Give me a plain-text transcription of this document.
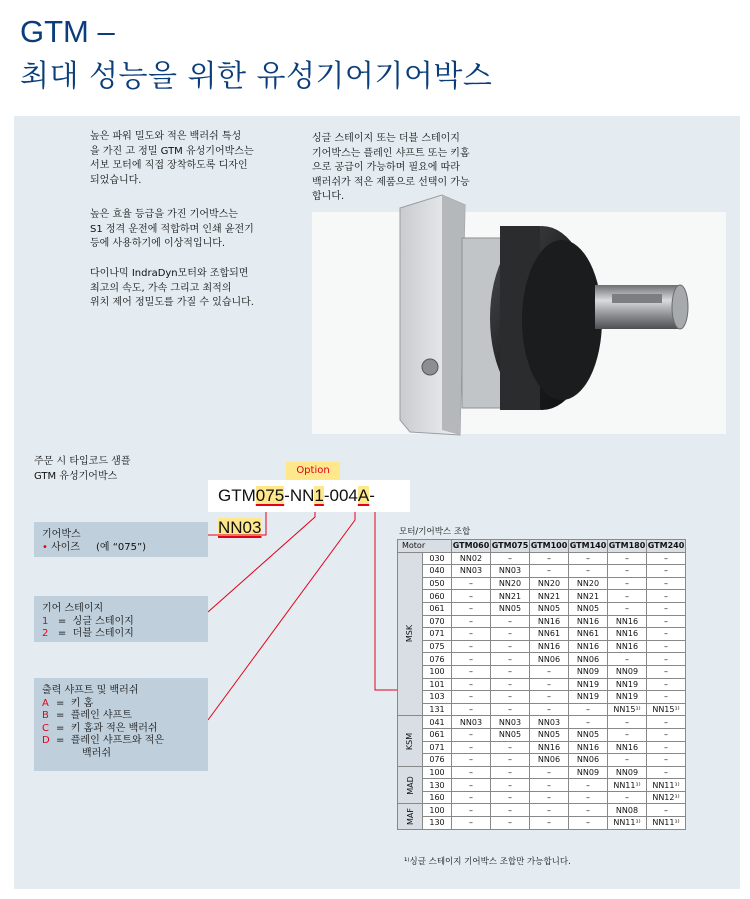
GTM –
최대 성능을 위한 유성기어기어박스
높은 파워 밀도와 적은 백러쉬 특성
을 가진 고 정밀 GTM 유성기어박스는
서보 모터에 직접 장착하도록 디자인
되었습니다.
높은 효율 등급을 가진 기어박스는
S1 정격 운전에 적합하며 인쇄 윤전기
등에 사용하기에 이상적입니다.
다이나믹 IndraDyn모터와 조합되면
최고의 속도, 가속 그리고 최적의
위치 제어 정밀도를 가질 수 있습니다.
싱글 스테이지 또는 더블 스테이지
기어박스는 플레인 샤프트 또는 키홈
으로 공급이 가능하며 필요에 따라
백러쉬가 적은 제품으로 선택이 가능
합니다.
주문 시 타입코드 샘플
GTM 유성기어박스	Option
GTM075-NN1-004A-NN03
기어박스
• 사이즈 (예 “075”)
기어 스테이지
1 = 싱글 스테이지
2 = 더블 스테이지
출력 샤프트 및 백러쉬
A = 키 홈
B = 플레인 샤프트
C = 키 홈과 적은 백러쉬
D = 플레인 샤프트와 적은
백러쉬
모터/기어박스 조합
Motor		GTM060	GTM075	GTM100	GTM140	GTM180	GTM240
MSK	030	NN02	–	–	–	–	–
	040	NN03	NN03	–	–	–	–
	050	–	NN20	NN20	NN20	–	–
	060	–	NN21	NN21	NN21	–	–
	061	–	NN05	NN05	NN05	–	–
	070	–	–	NN16	NN16	NN16	–
	071	–	–	NN61	NN61	NN16	–
	075	–	–	NN16	NN16	NN16	–
	076	–	–	NN06	NN06	–	–
	100	–	–	–	NN09	NN09	–
	101	–	–	–	NN19	NN19	–
	103	–	–	–	NN19	NN19	–
	131	–	–	–	–	NN15¹⁾	NN15¹⁾
KSM	041	NN03	NN03	NN03	–	–	–
	061	–	NN05	NN05	NN05	–	–
	071	–	–	NN16	NN16	NN16	–
	076	–	–	NN06	NN06	–	–
MAD	100	–	–	–	NN09	NN09	–
	130	–	–	–	–	NN11¹⁾	NN11¹⁾
	160	–	–	–	–	–	NN12¹⁾
MAF	100	–	–	–	–	NN08	–
	130	–	–	–	–	NN11¹⁾	NN11¹⁾
¹⁾싱글 스테이지 기어박스 조합만 가능합니다.
